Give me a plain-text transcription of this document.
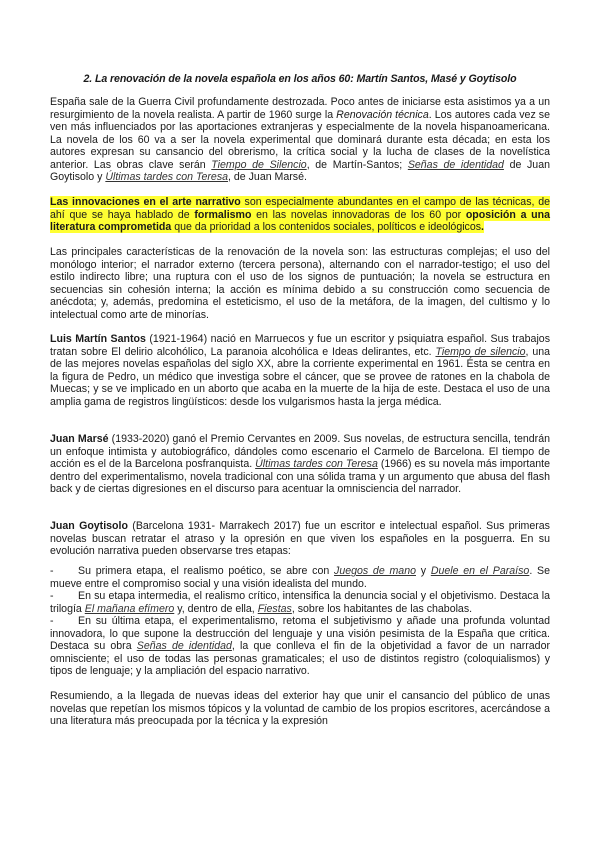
2. La renovación de la novela española en los años 60: Martín Santos, Masé y Goytisolo

España sale de la Guerra Civil profundamente destrozada. Poco antes de iniciarse esta asistimos ya a un resurgimiento de la novela realista. A partir de 1960 surge la Renovación técnica. Los autores cada vez se ven más influenciados por las aportaciones extranjeras y especialmente de la novela hispanoamericana. La novela de los 60 va a ser la novela experimental que dominará durante esta década; en esta los autores expresan su cansancio del obrerismo, la crítica social y la lucha de clases de la novelística anterior. Las obras clave serán Tiempo de Silencio, de Martín-Santos; Señas de identidad de Juan Goytisolo y Últimas tardes con Teresa, de Juan Marsé.

Las innovaciones en el arte narrativo son especialmente abundantes en el campo de las técnicas, de ahí que se haya hablado de formalismo en las novelas innovadoras de los 60 por oposición a una literatura comprometida que da prioridad a los contenidos sociales, políticos e ideológicos.

Las principales características de la renovación de la novela son: las estructuras complejas; el uso del monólogo interior; el narrador externo (tercera persona), alternando con el narrador-testigo; el uso del estilo indirecto libre; una ruptura con el uso de los signos de puntuación; la novela se estructura en secuencias sin cohesión interna; la acción es mínima debido a su construcción como secuencia de anécdota; y, además, predomina el esteticismo, el uso de la metáfora, de la imagen, del cultismo y lo intelectual como arte de minorías.

Luis Martín Santos (1921-1964) nació en Marruecos y fue un escritor y psiquiatra español. Sus trabajos tratan sobre El delirio alcohólico, La paranoia alcohólica e Ideas delirantes, etc. Tiempo de silencio, una de las mejores novelas españolas del siglo XX, abre la corriente experimental en 1961. Ésta se centra en la figura de Pedro, un médico que investiga sobre el cáncer, que se provee de ratones en la chabola de Muecas; y se ve implicado en un aborto que acaba en la muerte de la hija de este. Destaca el uso de una amplia gama de registros lingüísticos: desde los vulgarismos hasta la jerga médica.

Juan Marsé (1933-2020) ganó el Premio Cervantes en 2009. Sus novelas, de estructura sencilla, tendrán un enfoque intimista y autobiográfico, dándoles como escenario el Carmelo de Barcelona. El tiempo de acción es el de la Barcelona posfranquista. Últimas tardes con Teresa (1966) es su novela más importante dentro del experimentalismo, novela tradicional con una sólida trama y un argumento que abusa del flash back y de ciertas digresiones en el discurso para acentuar la omnisciencia del narrador.

Juan Goytisolo (Barcelona 1931- Marrakech 2017) fue un escritor e intelectual español. Sus primeras novelas buscan retratar el atraso y la opresión en que viven los españoles en la posguerra. En su evolución narrativa pueden observarse tres etapas:

- Su primera etapa, el realismo poético, se abre con Juegos de mano y Duele en el Paraíso. Se mueve entre el compromiso social y una visión idealista del mundo.

- En su etapa intermedia, el realismo crítico, intensifica la denuncia social y el objetivismo. Destaca la trilogía El mañana efímero y, dentro de ella, Fiestas, sobre los habitantes de las chabolas.

- En su última etapa, el experimentalismo, retoma el subjetivismo y añade una profunda voluntad innovadora, lo que supone la destrucción del lenguaje y una visión pesimista de la España que critica. Destaca su obra Señas de identidad, la que conlleva el fin de la objetividad a favor de un narrador omnisciente; el uso de todas las personas gramaticales; el uso de distintos registro (coloquialismos) y tipos de lenguaje; y la ampliación del espacio narrativo.

Resumiendo, a la llegada de nuevas ideas del exterior hay que unir el cansancio del público de unas novelas que repetían los mismos tópicos y la voluntad de cambio de los propios escritores, acercándose a una literatura más preocupada por la técnica y la expresión
